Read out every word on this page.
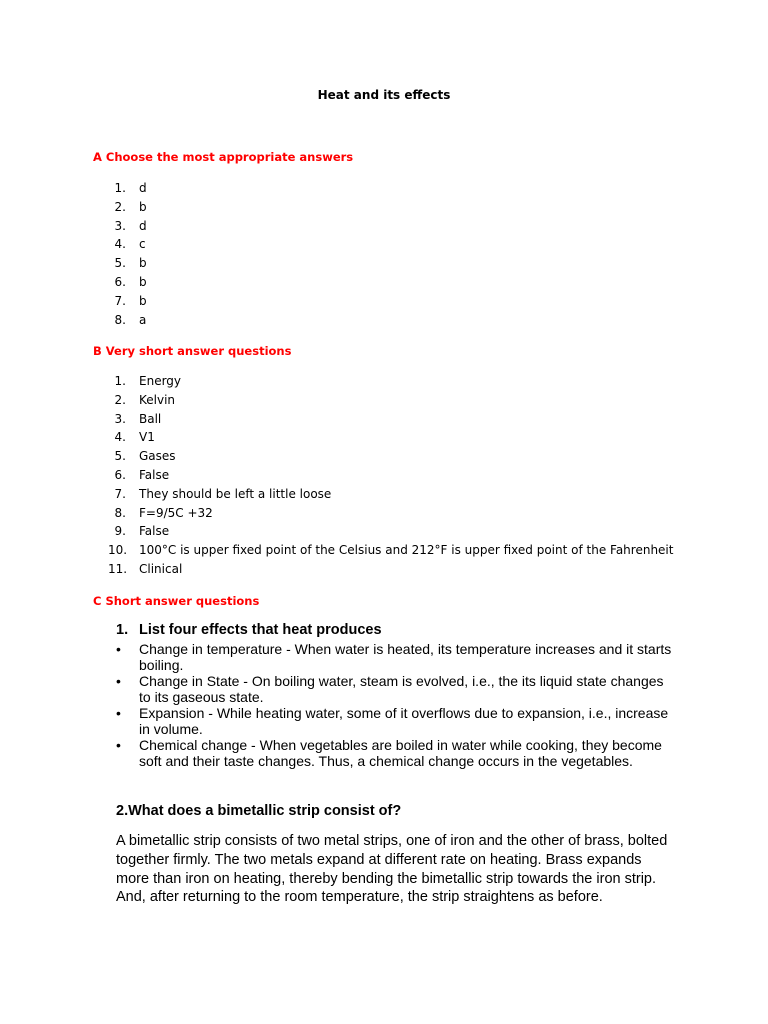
Heat and its effects
A Choose the most appropriate answers
1. d
2. b
3. d
4. c
5. b
6. b
7. b
8. a
B Very short answer questions
1. Energy
2. Kelvin
3. Ball
4. V1
5. Gases
6. False
7. They should be left a little loose
8. F=9/5C +32
9. False
10. 100°C is upper fixed point of the Celsius and 212°F is upper fixed point of the Fahrenheit
11. Clinical
C Short answer questions
1. List four effects that heat produces
• Change in temperature - When water is heated, its temperature increases and it starts boiling.
• Change in State - On boiling water, steam is evolved, i.e., the its liquid state changes to its gaseous state.
• Expansion - While heating water, some of it overflows due to expansion, i.e., increase in volume.
• Chemical change - When vegetables are boiled in water while cooking, they become soft and their taste changes. Thus, a chemical change occurs in the vegetables.
2.What does a bimetallic strip consist of?

A bimetallic strip consists of two metal strips, one of iron and the other of brass, bolted together firmly. The two metals expand at different rate on heating. Brass expands more than iron on heating, thereby bending the bimetallic strip towards the iron strip. And, after returning to the room temperature, the strip straightens as before.
